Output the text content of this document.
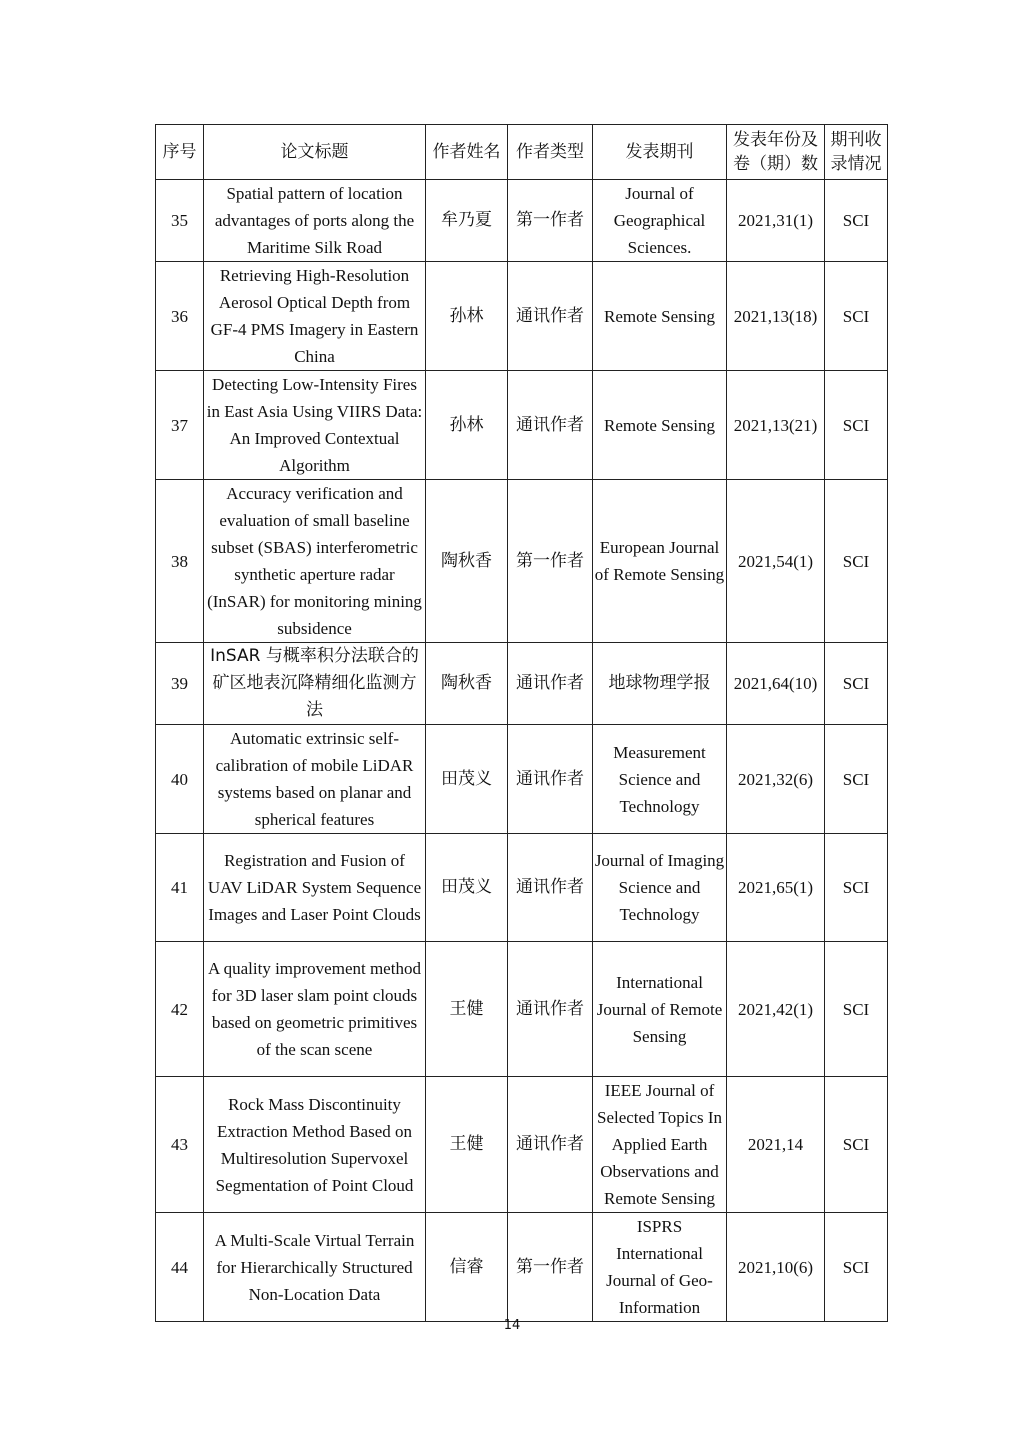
序号	论文标题	作者姓名	作者类型	发表期刊	发表年份及卷（期）数	期刊收录情况
35	Spatial pattern of location advantages of ports along the Maritime Silk Road	牟乃夏	第一作者	Journal of Geographical Sciences.	2021,31(1)	SCI
36	Retrieving High-Resolution Aerosol Optical Depth from GF-4 PMS Imagery in Eastern China	孙林	通讯作者	Remote Sensing	2021,13(18)	SCI
37	Detecting Low-Intensity Fires in East Asia Using VIIRS Data: An Improved Contextual Algorithm	孙林	通讯作者	Remote Sensing	2021,13(21)	SCI
38	Accuracy verification and evaluation of small baseline subset (SBAS) interferometric synthetic aperture radar (InSAR) for monitoring mining subsidence	陶秋香	第一作者	European Journal of Remote Sensing	2021,54(1)	SCI
39	InSAR 与概率积分法联合的矿区地表沉降精细化监测方法	陶秋香	通讯作者	地球物理学报	2021,64(10)	SCI
40	Automatic extrinsic self-calibration of mobile LiDAR systems based on planar and spherical features	田茂义	通讯作者	Measurement Science and Technology	2021,32(6)	SCI
41	Registration and Fusion of UAV LiDAR System Sequence Images and Laser Point Clouds	田茂义	通讯作者	Journal of Imaging Science and Technology	2021,65(1)	SCI
42	A quality improvement method for 3D laser slam point clouds based on geometric primitives of the scan scene	王健	通讯作者	International Journal of Remote Sensing	2021,42(1)	SCI
43	Rock Mass Discontinuity Extraction Method Based on Multiresolution Supervoxel Segmentation of Point Cloud	王健	通讯作者	IEEE Journal of Selected Topics In Applied Earth Observations and Remote Sensing	2021,14	SCI
44	A Multi-Scale Virtual Terrain for Hierarchically Structured Non-Location Data	信睿	第一作者	ISPRS International Journal of Geo-Information	2021,10(6)	SCI
14
